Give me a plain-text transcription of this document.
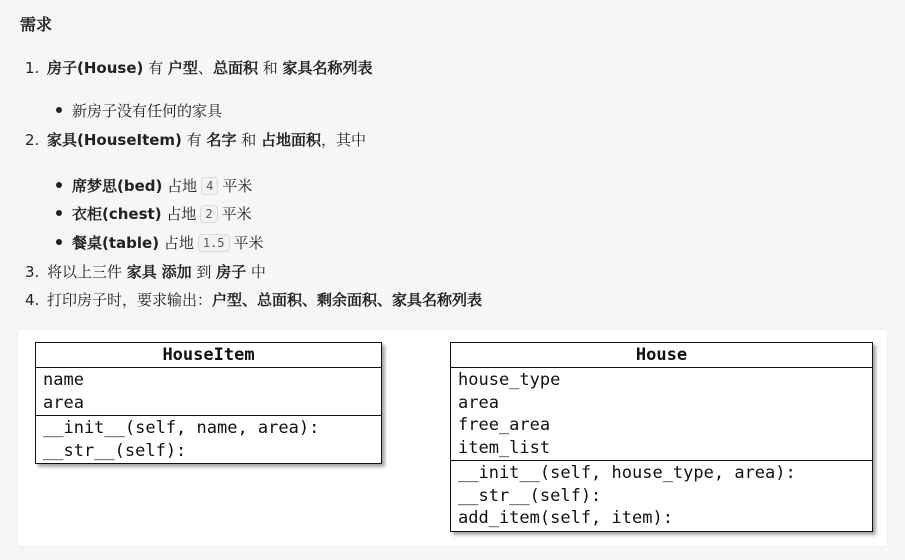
需求
1. 房子(House) 有 户型、总面积 和 家具名称列表
新房子没有任何的家具
2. 家具(HouseItem) 有 名字 和 占地面积，其中
席梦思(bed) 占地 4 平米
衣柜(chest) 占地 2 平米
餐桌(table) 占地 1.5 平米
3. 将以上三件 家具 添加 到 房子 中
4. 打印房子时，要求输出：户型、总面积、剩余面积、家具名称列表
HouseItem
name
area
__init__(self, name, area):
__str__(self):
House
house_type
area
free_area
item_list
__init__(self, house_type, area):
__str__(self):
add_item(self, item):
